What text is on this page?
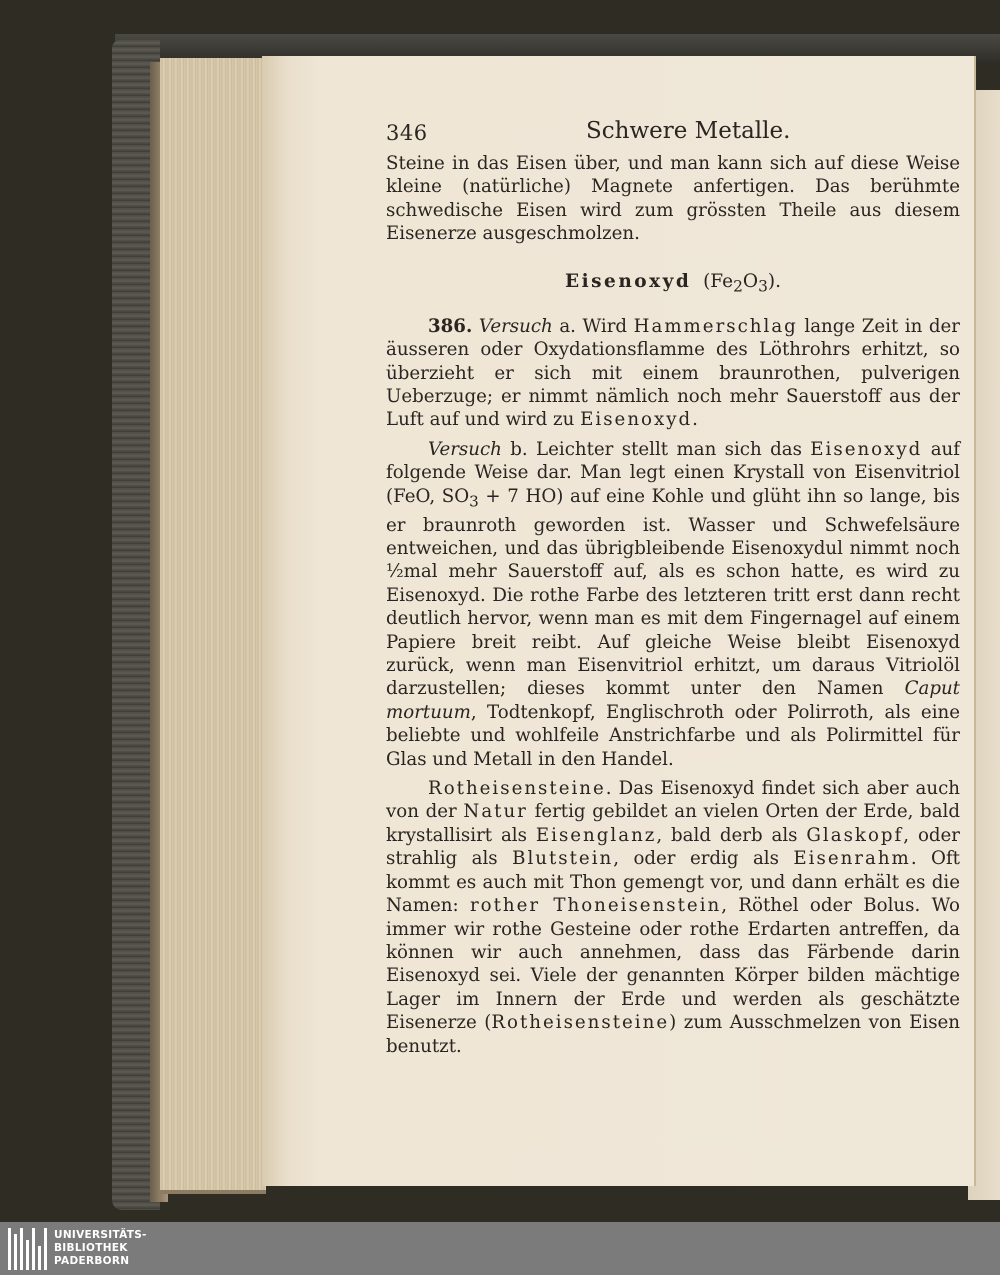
346	Schwere Metalle.

Steine in das Eisen über, und man kann sich auf diese Weise kleine (natürliche) Magnete anfertigen. Das berühmte schwedische Eisen wird zum grössten Theile aus diesem Eisenerze ausgeschmolzen.

Eisenoxyd $(Fe_2O_3)$.

386. Versuch a. Wird Hammerschlag lange Zeit in der äusseren oder Oxydationsflamme des Löthrohrs erhitzt, so überzieht er sich mit einem braunrothen, pulverigen Ueberzuge; er nimmt nämlich noch mehr Sauerstoff aus der Luft auf und wird zu Eisenoxyd.

Versuch b. Leichter stellt man sich das Eisenoxyd auf folgende Weise dar. Man legt einen Krystall von Eisenvitriol (FeO, $SO_3 + 7$ HO) auf eine Kohle und glüht ihn so lange, bis er braunroth geworden ist. Wasser und Schwefelsäure entweichen, und das übrigbleibende Eisenoxydul nimmt noch ½mal mehr Sauerstoff auf, als es schon hatte, es wird zu Eisenoxyd. Die rothe Farbe des letzteren tritt erst dann recht deutlich hervor, wenn man es mit dem Fingernagel auf einem Papiere breit reibt. Auf gleiche Weise bleibt Eisenoxyd zurück, wenn man Eisenvitriol erhitzt, um daraus Vitriolöl darzustellen; dieses kommt unter den Namen Caput mortuum, Todtenkopf, Englischroth oder Polirroth, als eine beliebte und wohlfeile Anstrichfarbe und als Polirmittel für Glas und Metall in den Handel.

Rotheisensteine. Das Eisenoxyd findet sich aber auch von der Natur fertig gebildet an vielen Orten der Erde, bald krystallisirt als Eisenglanz, bald derb als Glaskopf, oder strahlig als Blutstein, oder erdig als Eisenrahm. Oft kommt es auch mit Thon gemengt vor, und dann erhält es die Namen: rother Thoneisenstein, Röthel oder Bolus. Wo immer wir rothe Gesteine oder rothe Erdarten antreffen, da können wir auch annehmen, dass das Färbende darin Eisenoxyd sei. Viele der genannten Körper bilden mächtige Lager im Innern der Erde und werden als geschätzte Eisenerze (Rotheisensteine) zum Ausschmelzen von Eisen benutzt.

UNIVERSITÄTS-
BIBLIOTHEK
PADERBORN
